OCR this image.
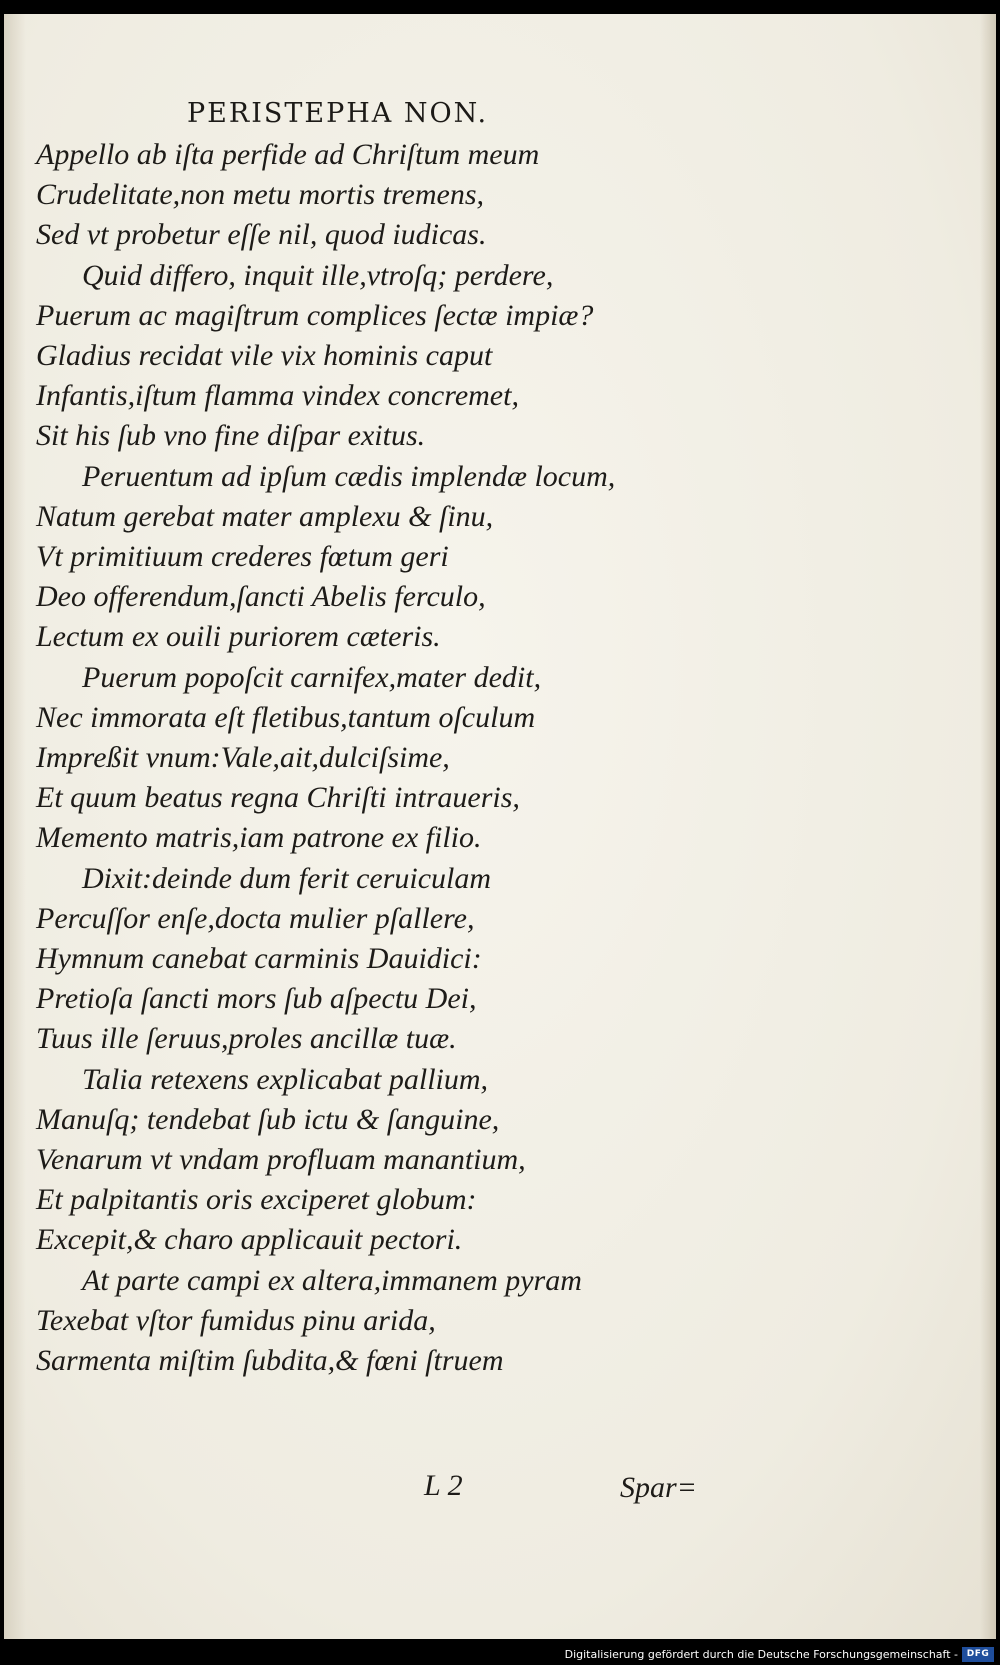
PERISTEPHA NON.

Appello ab iſta perfide ad Chriſtum meum
Crudelitate,non metu mortis tremens,
Sed vt probetur eſſe nil, quod iudicas.
Quid differo, inquit ille,vtroſq; perdere,
Puerum ac magiſtrum complices ſectæ impiæ?
Gladius recidat vile vix hominis caput
Infantis,iſtum flamma vindex concremet,
Sit his ſub vno fine diſpar exitus.
Peruentum ad ipſum cædis implendæ locum,
Natum gerebat mater amplexu & ſinu,
Vt primitiuum crederes fœtum geri
Deo offerendum,ſancti Abelis ferculo,
Lectum ex ouili puriorem cæteris.
Puerum popoſcit carnifex,mater dedit,
Nec immorata eſt fletibus,tantum oſculum
Impreßit vnum:Vale,ait,dulciſsime,
Et quum beatus regna Chriſti intraueris,
Memento matris,iam patrone ex filio.
Dixit:deinde dum ferit ceruiculam
Percuſſor enſe,docta mulier pſallere,
Hymnum canebat carminis Dauidici:
Pretioſa ſancti mors ſub aſpectu Dei,
Tuus ille ſeruus,proles ancillæ tuæ.
Talia retexens explicabat pallium,
Manuſq; tendebat ſub ictu & ſanguine,
Venarum vt vndam profluam manantium,
Et palpitantis oris exciperet globum:
Excepit,& charo applicauit pectori.
At parte campi ex altera,immanem pyram
Texebat vſtor fumidus pinu arida,
Sarmenta miſtim ſubdita,& fœni ſtruem

L 2	Spar=

Digitalisierung gefördert durch die Deutsche Forschungsgemeinschaft - DFG
